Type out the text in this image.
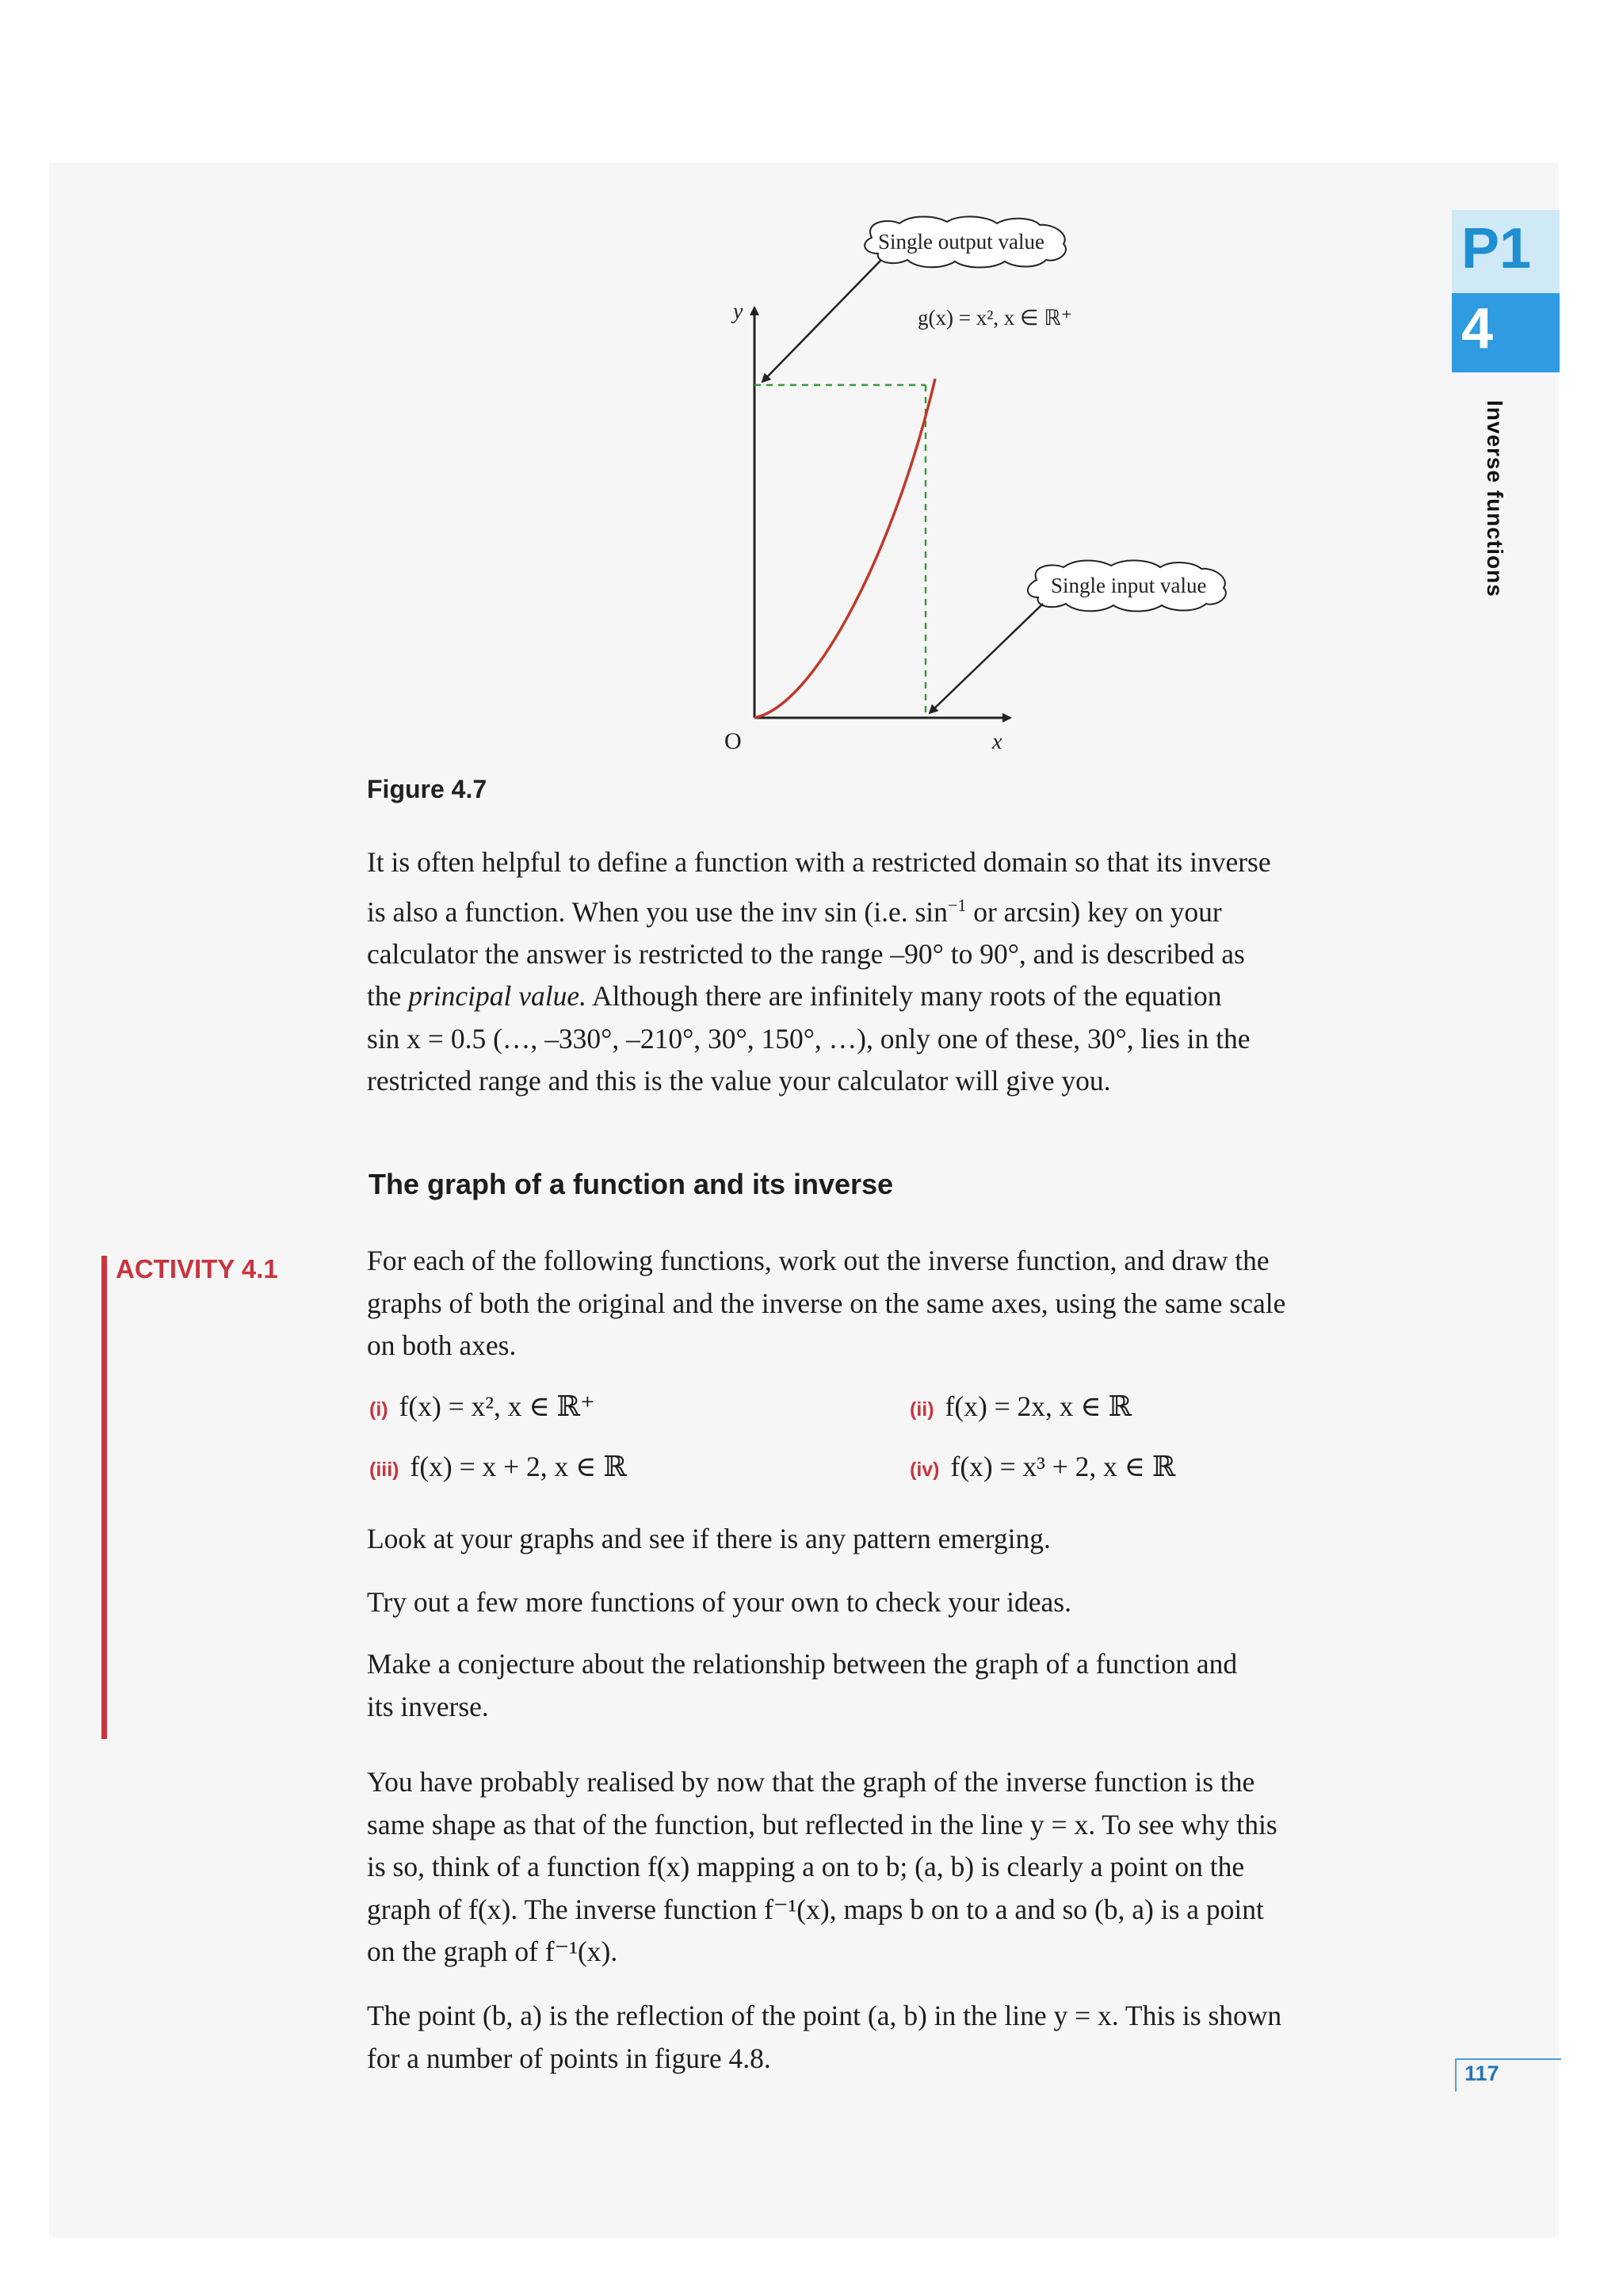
P1
4
Inverse functions
y
x
O
g(x) = x², x ∈ ℝ⁺
Single output value
Single input value
Figure 4.7
It is often helpful to define a function with a restricted domain so that its inverse
is also a function. When you use the inv sin (i.e. $\sin^{-1}$ or arcsin) key on your
calculator the answer is restricted to the range –90° to 90°, and is described as
the principal value. Although there are infinitely many roots of the equation
sin x = 0.5 (…, –330°, –210°, 30°, 150°, …), only one of these, 30°, lies in the
restricted range and this is the value your calculator will give you.
The graph of a function and its inverse
ACTIVITY 4.1	For each of the following functions, work out the inverse function, and draw the
graphs of both the original and the inverse on the same axes, using the same scale
on both axes.
(i) f(x) = x², x ∈ ℝ⁺	(ii) f(x) = 2x, x ∈ ℝ
(iii) f(x) = x + 2, x ∈ ℝ	(iv) f(x) = x³ + 2, x ∈ ℝ
Look at your graphs and see if there is any pattern emerging.
Try out a few more functions of your own to check your ideas.
Make a conjecture about the relationship between the graph of a function and
its inverse.
You have probably realised by now that the graph of the inverse function is the
same shape as that of the function, but reflected in the line y = x. To see why this
is so, think of a function f(x) mapping a on to b; (a, b) is clearly a point on the
graph of f(x). The inverse function f⁻¹(x), maps b on to a and so (b, a) is a point
on the graph of f⁻¹(x).
The point (b, a) is the reflection of the point (a, b) in the line y = x. This is shown
for a number of points in figure 4.8.	117
